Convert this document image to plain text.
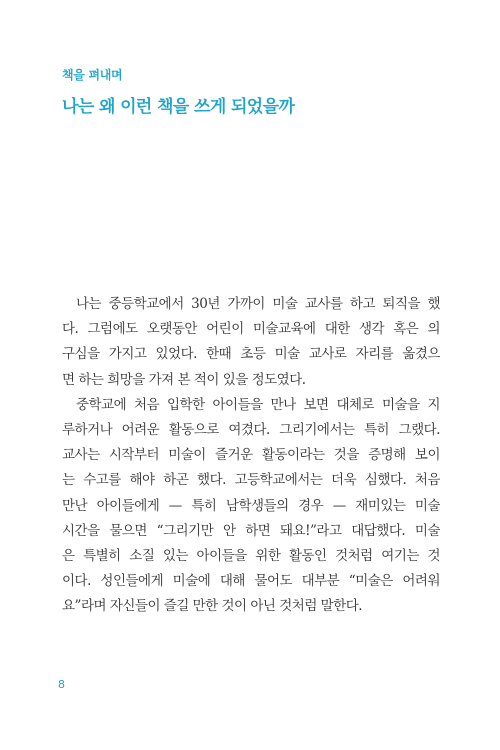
책을 펴내며
나는 왜 이런 책을 쓰게 되었을까
나는 중등학교에서 30년 가까이 미술 교사를 하고 퇴직을 했
다. 그럼에도 오랫동안 어린이 미술교육에 대한 생각 혹은 의
구심을 가지고 있었다. 한때 초등 미술 교사로 자리를 옮겼으
면 하는 희망을 가져 본 적이 있을 정도였다.
중학교에 처음 입학한 아이들을 만나 보면 대체로 미술을 지
루하거나 어려운 활동으로 여겼다. 그리기에서는 특히 그랬다.
교사는 시작부터 미술이 즐거운 활동이라는 것을 증명해 보이
는 수고를 해야 하곤 했다. 고등학교에서는 더욱 심했다. 처음
만난 아이들에게 — 특히 남학생들의 경우 — 재미있는 미술
시간을 물으면 “그리기만 안 하면 돼요!”라고 대답했다. 미술
은 특별히 소질 있는 아이들을 위한 활동인 것처럼 여기는 것
이다. 성인들에게 미술에 대해 물어도 대부분 “미술은 어려워
요”라며 자신들이 즐길 만한 것이 아닌 것처럼 말한다.
8
